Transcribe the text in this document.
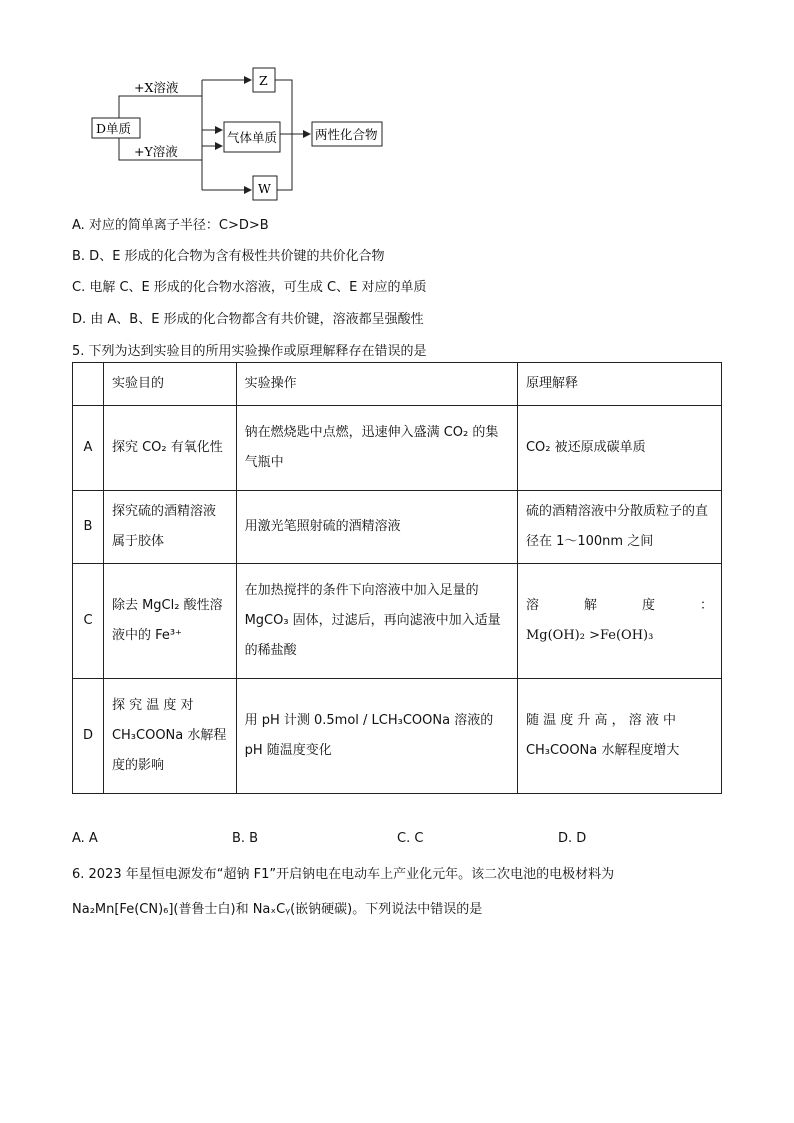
D单质
+X溶液
+Y溶液
Z
气体单质
W
两性化合物
A. 对应的简单离子半径：C>D>B
B. D、E 形成的化合物为含有极性共价键的共价化合物
C. 电解 C、E 形成的化合物水溶液，可生成 C、E 对应的单质
D. 由 A、B、E 形成的化合物都含有共价键，溶液都呈强酸性
5. 下列为达到实验目的所用实验操作或原理解释存在错误的是
	实验目的	实验操作	原理解释
A	探究 CO₂ 有氧化性	钠在燃烧匙中点燃，迅速伸入盛满 CO₂ 的集气瓶中	CO₂ 被还原成碳单质
B	探究硫的酒精溶液属于胶体	用激光笔照射硫的酒精溶液	硫的酒精溶液中分散质粒子的直径在 1～100nm 之间
C	除去 MgCl₂ 酸性溶液中的 Fe³⁺	在加热搅拌的条件下向溶液中加入足量的 MgCO₃ 固体，过滤后，再向滤液中加入适量的稀盐酸	溶 解 度 ：
Mg(OH)₂ >Fe(OH)₃

D	探 究 温 度 对 CH₃COONa 水解程度的影响	用 pH 计测 0.5mol / LCH₃COONa 溶液的 pH 随温度变化	随 温 度 升 高 ， 溶 液 中 CH₃COONa 水解程度增大
A. A	B. B	C. C	D. D
6. 2023 年星恒电源发布“超钠 F1”开启钠电在电动车上产业化元年。该二次电池的电极材料为
Na₂Mn[Fe(CN)₆](普鲁士白)和 NaₓCᵧ(嵌钠硬碳)。下列说法中错误的是
